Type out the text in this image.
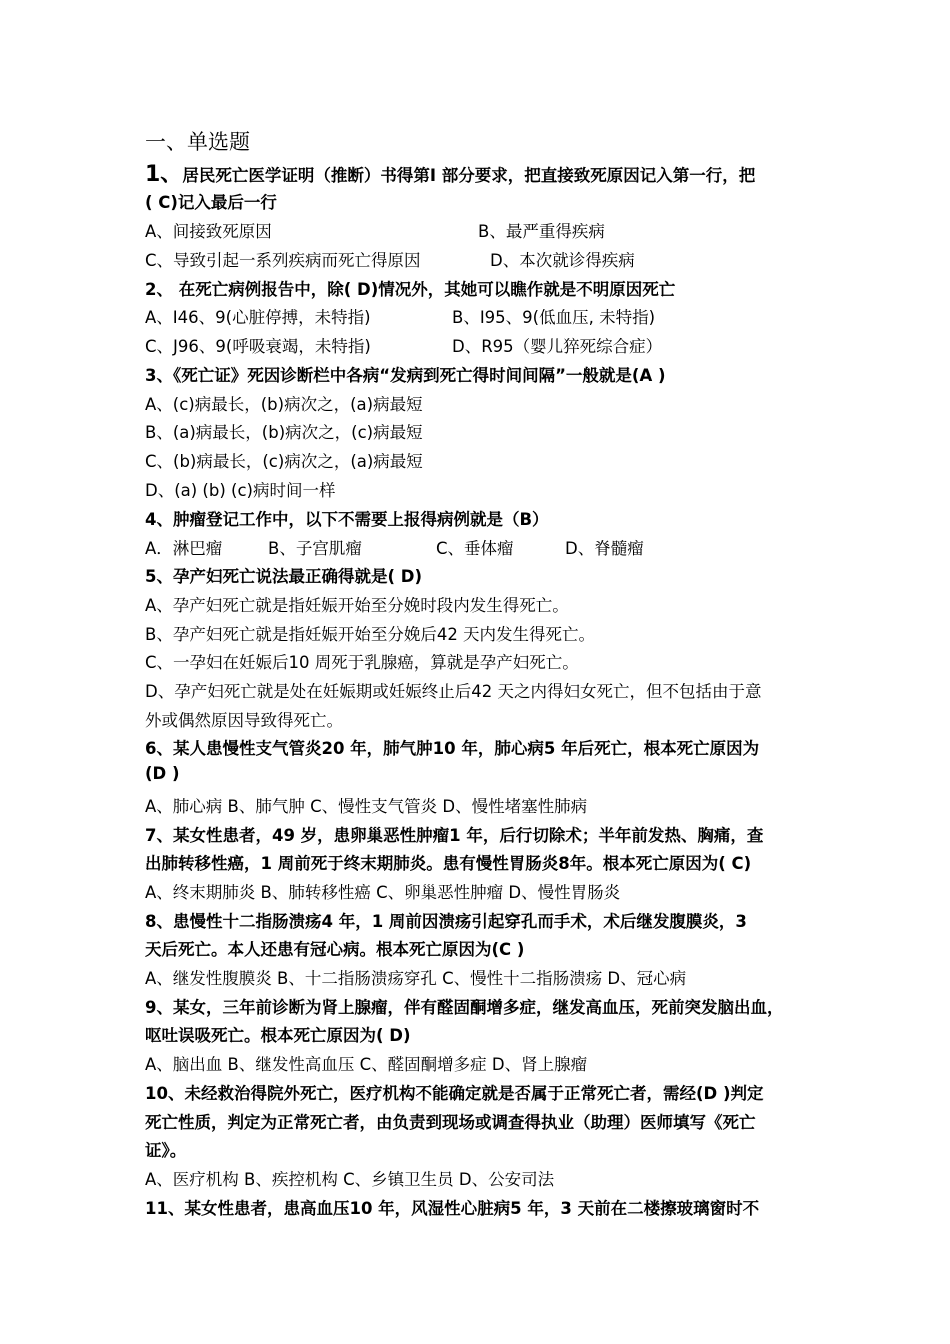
一、单选题
1、居民死亡医学证明（推断）书得第I 部分要求，把直接致死原因记入第一行，把
( C)记入最后一行
A、间接致死原因	B、最严重得疾病
C、导致引起一系列疾病而死亡得原因	D、本次就诊得疾病
2、 在死亡病例报告中，除( D)情况外，其她可以瞧作就是不明原因死亡
A、I46、9(心脏停搏，未特指)	B、I95、9(低血压, 未特指)
C、J96、9(呼吸衰竭，未特指)	D、R95（婴儿猝死综合症）
3、《死亡证》死因诊断栏中各病“发病到死亡得时间间隔”一般就是(A )
A、(c)病最长，(b)病次之，(a)病最短
B、(a)病最长，(b)病次之，(c)病最短
C、(b)病最长，(c)病次之，(a)病最短
D、(a) (b) (c)病时间一样
4、肿瘤登记工作中，以下不需要上报得病例就是（B）
A．淋巴瘤	B、子宫肌瘤	C、垂体瘤	D、脊髓瘤
5、孕产妇死亡说法最正确得就是( D)
A、孕产妇死亡就是指妊娠开始至分娩时段内发生得死亡。
B、孕产妇死亡就是指妊娠开始至分娩后42 天内发生得死亡。
C、一孕妇在妊娠后10 周死于乳腺癌，算就是孕产妇死亡。
D、孕产妇死亡就是处在妊娠期或妊娠终止后42 天之内得妇女死亡，但不包括由于意
外或偶然原因导致得死亡。
6、某人患慢性支气管炎20 年，肺气肿10 年，肺心病5 年后死亡，根本死亡原因为
(D )
A、肺心病 B、肺气肿 C、慢性支气管炎 D、慢性堵塞性肺病
7、某女性患者，49 岁，患卵巢恶性肿瘤1 年，后行切除术；半年前发热、胸痛，查
出肺转移性癌，1 周前死于终末期肺炎。患有慢性胃肠炎8年。根本死亡原因为( C)
A、终末期肺炎 B、肺转移性癌 C、卵巢恶性肿瘤 D、慢性胃肠炎
8、患慢性十二指肠溃疡4 年，1 周前因溃疡引起穿孔而手术，术后继发腹膜炎，3
天后死亡。本人还患有冠心病。根本死亡原因为(C )
A、继发性腹膜炎 B、十二指肠溃疡穿孔 C、慢性十二指肠溃疡 D、冠心病
9、某女，三年前诊断为肾上腺瘤，伴有醛固酮增多症，继发高血压，死前突发脑出血，
呕吐误吸死亡。根本死亡原因为( D)
A、脑出血 B、继发性高血压 C、醛固酮增多症 D、肾上腺瘤
10、未经救治得院外死亡，医疗机构不能确定就是否属于正常死亡者，需经(D )判定
死亡性质，判定为正常死亡者，由负责到现场或调查得执业（助理）医师填写《死亡
证》。
A、医疗机构 B、疾控机构 C、乡镇卫生员 D、公安司法
11、某女性患者，患高血压10 年，风湿性心脏病5 年，3 天前在二楼擦玻璃窗时不
